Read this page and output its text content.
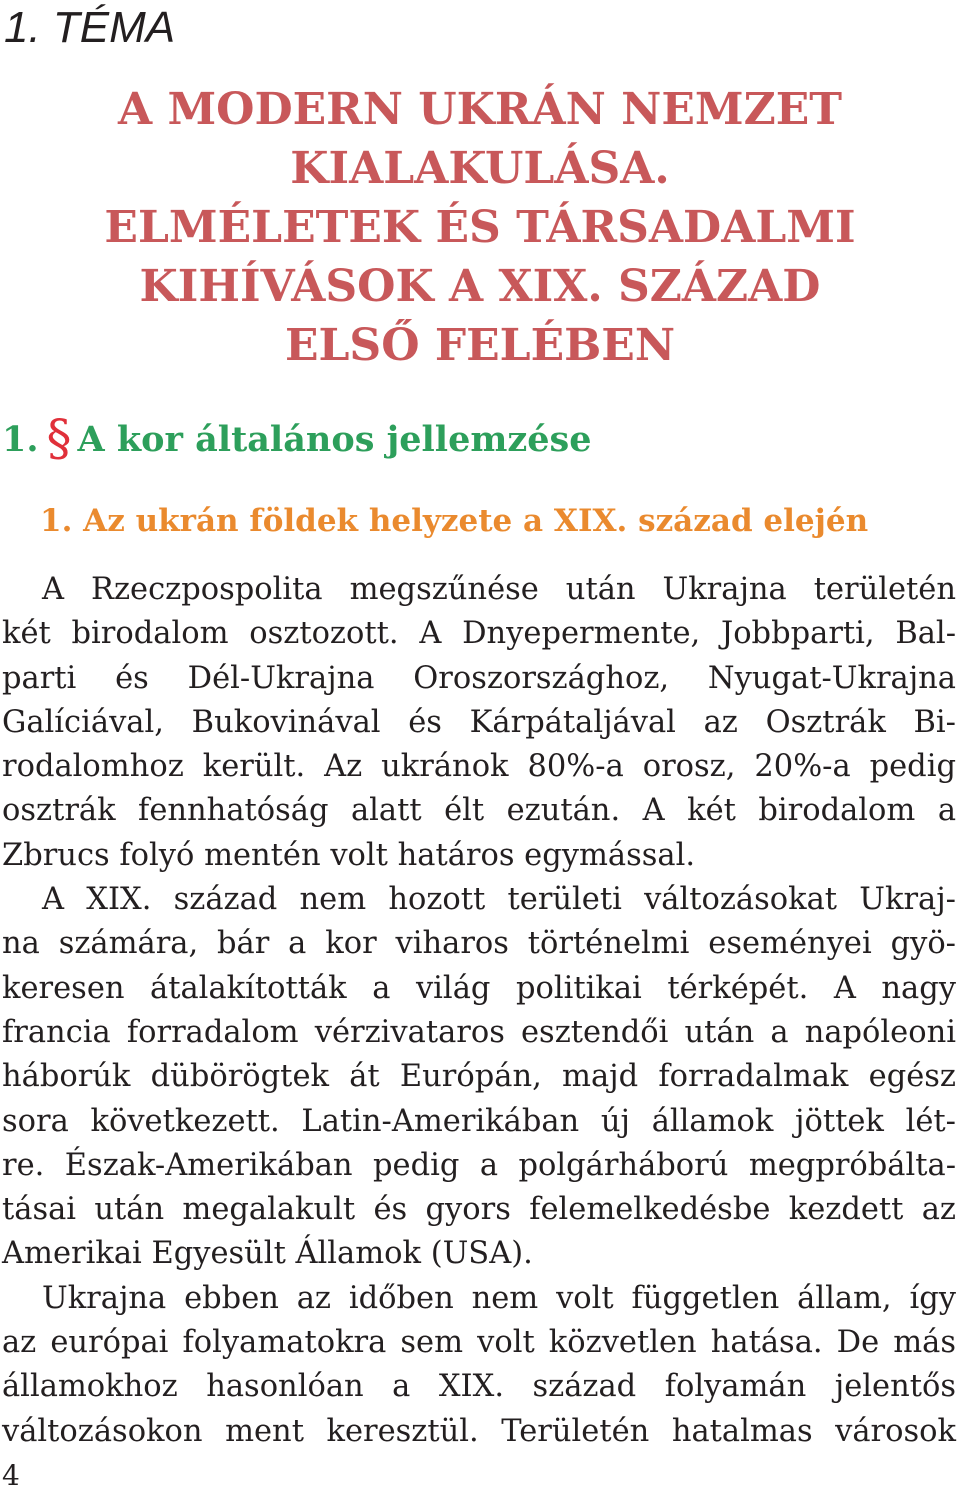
1. TÉMA
A MODERN UKRÁN NEMZET
KIALAKULÁSA.
ELMÉLETEK ÉS TÁRSADALMI
KIHÍVÁSOK A XIX. SZÁZAD
ELSŐ FELÉBEN
1. § A kor általános jellemzése
1. Az ukrán földek helyzete a XIX. század elején

A Rzeczpospolita megszűnése után Ukrajna területén
két birodalom osztozott. A Dnyepermente, Jobbparti, Bal-
parti és Dél-Ukrajna Oroszországhoz, Nyugat-Ukrajna
Galíciával, Bukovinával és Kárpátaljával az Osztrák Bi-
rodalomhoz került. Az ukránok 80%-a orosz, 20%-a pedig
osztrák fennhatóság alatt élt ezután. A két birodalom a
Zbrucs folyó mentén volt határos egymással.

A XIX. század nem hozott területi változásokat Ukraj-
na számára, bár a kor viharos történelmi eseményei gyö-
keresen átalakították a világ politikai térképét. A nagy
francia forradalom vérzivataros esztendői után a napóleoni
háborúk dübörögtek át Európán, majd forradalmak egész
sora következett. Latin-Amerikában új államok jöttek lét-
re. Észak-Amerikában pedig a polgárháború megpróbálta-
tásai után megalakult és gyors felemelkedésbe kezdett az
Amerikai Egyesült Államok (USA).

Ukrajna ebben az időben nem volt független állam, így
az európai folyamatokra sem volt közvetlen hatása. De más
államokhoz hasonlóan a XIX. század folyamán jelentős
változásokon ment keresztül. Területén hatalmas városok

4
